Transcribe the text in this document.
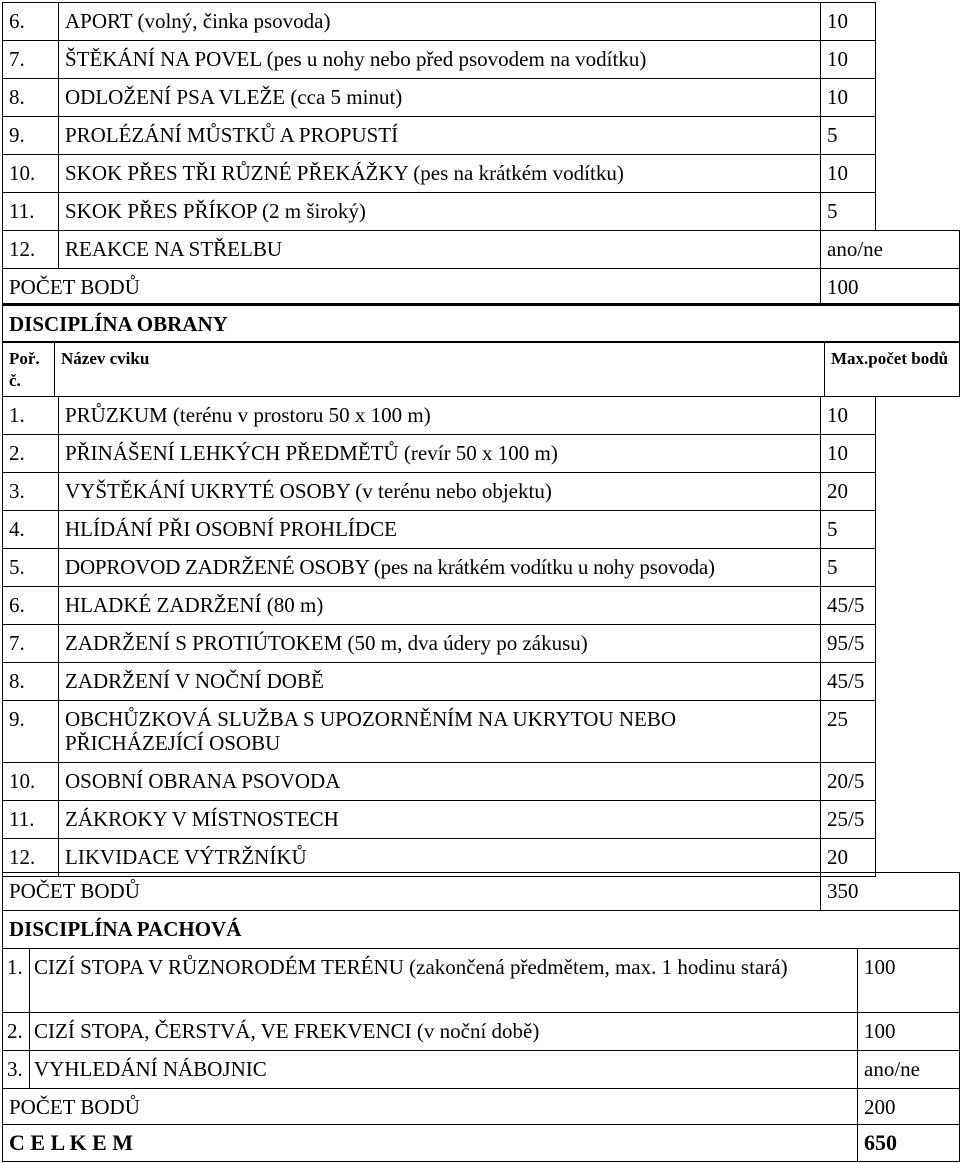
6.	APORT (volný, činka psovoda)	10
7.	ŠTĚKÁNÍ NA POVEL (pes u nohy nebo před psovodem na vodítku)	10
8.	ODLOŽENÍ PSA VLEŽE (cca 5 minut)	10
9.	PROLÉZÁNÍ MŮSTKŮ A PROPUSTÍ	5
10.	SKOK PŘES TŘI RŮZNÉ PŘEKÁŽKY (pes na krátkém vodítku)	10
11.	SKOK PŘES PŘÍKOP (2 m široký)	5
12.	REAKCE NA STŘELBU	ano/ne
POČET BODŮ	100
DISCIPLÍNA OBRANY
Poř. č.	Název cviku	Max.počet bodů
1.	PRŮZKUM (terénu v prostoru 50 x 100 m)	10
2.	PŘINÁŠENÍ LEHKÝCH PŘEDMĚTŮ (revír 50 x 100 m)	10
3.	VYŠTĚKÁNÍ UKRYTÉ OSOBY (v terénu nebo objektu)	20
4.	HLÍDÁNÍ PŘI OSOBNÍ PROHLÍDCE	5
5.	DOPROVOD ZADRŽENÉ OSOBY (pes na krátkém vodítku u nohy psovoda)	5
6.	HLADKÉ ZADRŽENÍ (80 m)	45/5
7.	ZADRŽENÍ S PROTIÚTOKEM (50 m, dva údery po zákusu)	95/5
8.	ZADRŽENÍ V NOČNÍ DOBĚ	45/5
9.	OBCHŮZKOVÁ SLUŽBA S UPOZORNĚNÍM NA UKRYTOU NEBO PŘICHÁZEJÍCÍ OSOBU	25
10.	OSOBNÍ OBRANA PSOVODA	20/5
11.	ZÁKROKY V MÍSTNOSTECH	25/5
12.	LIKVIDACE VÝTRŽNÍKŮ	20
POČET BODŮ	350
DISCIPLÍNA PACHOVÁ
1.	CIZÍ STOPA V RŮZNORODÉM TERÉNU (zakončená předmětem, max. 1 hodinu stará)	100
2.	CIZÍ STOPA, ČERSTVÁ, VE FREKVENCI (v noční době)	100
3.	VYHLEDÁNÍ NÁBOJNIC	ano/ne
POČET BODŮ	200
C E L K E M	650
